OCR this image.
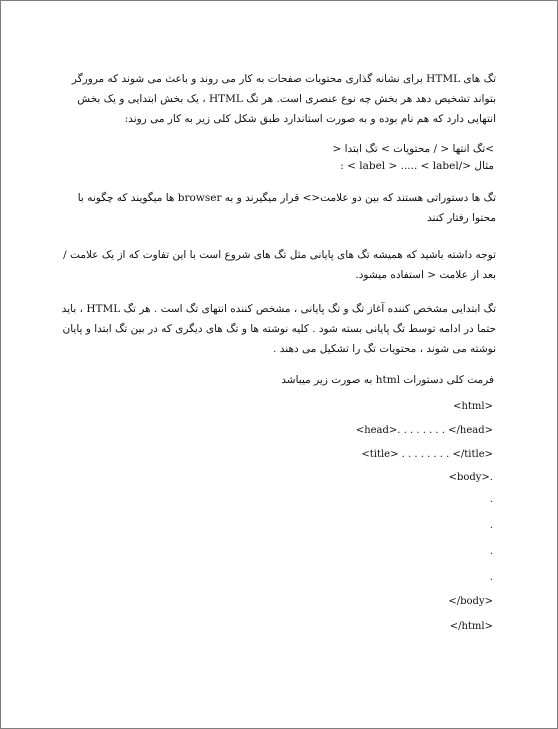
تگ های HTML برای نشانه گذاری محتویات صفحات به کار می روند و باعث می شوند که مرورگر بتواند تشخیص دهد هر بخش چه نوع عنصری است. هر تگ HTML ، یک بخش ابتدایی و یک بخش انتهایی دارد که هم نام بوده و به صورت استاندارد طبق شکل کلی زیر به کار می روند:

>تگ انتها < / محتویات > تگ ابتدا <
مثال </label > ..... < label > :

تگ ها دستوراتی هستند که بین دو علامت<> قرار میگیرند و به browser ها میگویند که چگونه با محتوا رفتار کنند

توجه داشته باشید که همیشه تگ های پایانی مثل تگ های شروع است با این تفاوت که از یک علامت / بعد از علامت < استفاده میشود.

تگ ابتدایی مشخص کننده آغاز تگ و تگ پایانی ، مشخص کننده انتهای تگ است . هر تگ HTML ، باید حتما در ادامه توسط تگ پایانی بسته شود . کلیه نوشته ها و تگ های دیگری که در بین تگ ابتدا و پایان نوشته می شوند ، محتویات تگ را تشکیل می دهند .

فرمت کلی دستورات html به صورت زیر میباشد
<html>
<head>. . . . . . . . </head>
<title> . . . . . . . . </title>
<body>.
.
.
.
.
</body>
</html>
